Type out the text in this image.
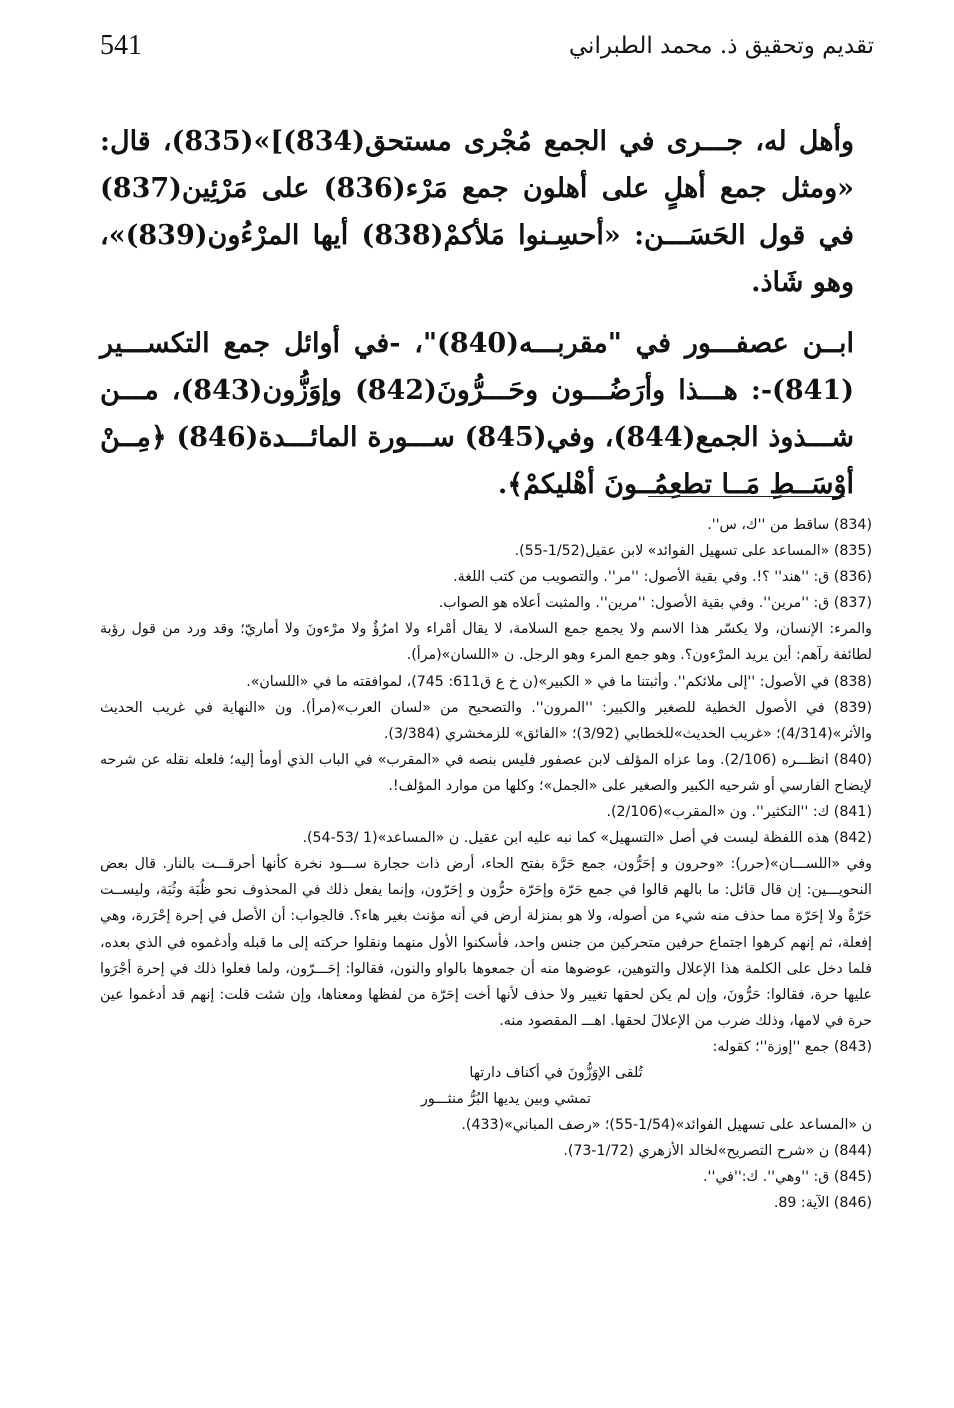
541	تقديم وتحقيق ذ. محمد الطبراني

وأهل له، جـــرى في الجمع مُجْرى مستحق(834)]»(835)، قال: «ومثل جمع أهلٍ على أهلون جمع مَرْء(836) على مَرْئِين(837) في قول الحَسَـــن: «أحسِـنوا مَلأكمْ(838) أيها المرْءُون(839)»، وهو شَاذ.

ابــن عصفـــور في "مقربـــه(840)"، -في أوائل جمع التكســـير (841)-: هـــذا وأرَضُـــون وحَـــرُّونَ(842) وإوَزُّون(843)، مـــن شـــذوذ الجمع(844)، وفي(845) ســـورة المائـــدة(846) ﴿مِــنْ أوْسَــطِ مَــا تطعِمُــونَ أهْليكمْ﴾.

(834) ساقط من ''ك، س''.

(835) «المساعد على تسهيل الفوائد» لابن عقيل(1/52-55).

(836) ق: ''هند'' ؟!. وفي بقية الأصول: ''مر''. والتصويب من كتب اللغة.

(837) ق: ''مرين''. وفي بقية الأصول: ''مرين''. والمثبت أعلاه هو الصواب.

والمرء: الإنسان، ولا يكسّر هذا الاسم ولا يجمع جمع السلامة، لا يقال أمْراء ولا امرُؤٌ ولا مرْءونَ ولا أماريّ؛ وقد ورد من قول رؤبة لطائفة رآهم: أين يريد المرْءون؟. وهو جمع المرء وهو الرجل. ن «اللسان»(مرأ).

(838) في الأصول: ''إلى ملائكم''. وأثبتنا ما في « الكبير»(ن خ ع ق611: 745)، لموافقته ما في «اللسان».

(839) في الأصول الخطية للصغير والكبير: ''المرون''. والتصحيح من «لسان العرب»(مرأ). ون «النهاية في غريب الحديث والأثر»(4/314)؛ «غريب الحديث»للخطابي (3/92)؛ «الفائق» للزمخشري (3/384).

(840) انظـــره (2/106). وما عزاه المؤلف لابن عصفور فليس بنصه في «المقرب» في الباب الذي أومأ إليه؛ فلعله نقله عن شرحه لإيضاح الفارسي أو شرحيه الكبير والصغير على «الجمل»؛ وكلها من موارد المؤلف!.

(841) ك: ''التكثير''. ون «المقرب»(2/106).

(842) هذه اللفظة ليست في أصل «التسهيل» كما نبه عليه ابن عقيل. ن «المساعد»(1 /53-54).

وفي «اللســـان»(حرر): «وحرون و إحَرُّون، جمع حَرَّة بفتح الحاء، أرض ذات حجارة ســـود نخرة كأنها أحرقـــت بالنار. قال بعض النحويـــين: إن قال قائل: ما بالهم قالوا في جمع حَرّة وإحَرّة حرُّون و إحَرّون، وإنما يفعل ذلك في المحذوف نحو ظُبَة وثُبَة، وليســت حَرّةٌ ولا إحَرّة مما حذف منه شيء من أصوله، ولا هو بمنزلة أرض في أنه مؤنث بغير هاء؟. فالجواب: أن الأصل في إحرة إحْرَرة، وهي إفعلة، ثم إنهم كرهوا اجتماع حرفين متحركين من جنس واحد، فأسكنوا الأول منهما ونقلوا حركته إلى ما قبله وأدغموه في الذي بعده، فلما دخل على الكلمة هذا الإعلال والتوهين، عوضوها منه أن جمعوها بالواو والنون، فقالوا: إحَـــرّون، ولما فعلوا ذلك في إحرة أجْرَوا عليها حرة، فقالوا: حَرُّونَ، وإن لم يكن لحقها تغيير ولا حذف لأنها أخت إحَرّة من لفظها ومعناها، وإن شئت قلت: إنهم قد أدغموا عين حرة في لامها، وذلك ضرب من الإعلالَ لحقها. اهـــ المقصود منه.

(843) جمع ''إوزة''؛ كقوله:

تُلقى الإوَزُّونَ في أكناف دارتها

تمشي وبين يديها البُرُّ منثـــور

ن «المساعد على تسهيل الفوائد»(1/54-55)؛ «رصف المباني»(433).

(844) ن «شرح التصريح»لخالد الأزهري (1/72-73).

(845) ق: ''وهي''. ك:''في''.

(846) الآية: 89.
